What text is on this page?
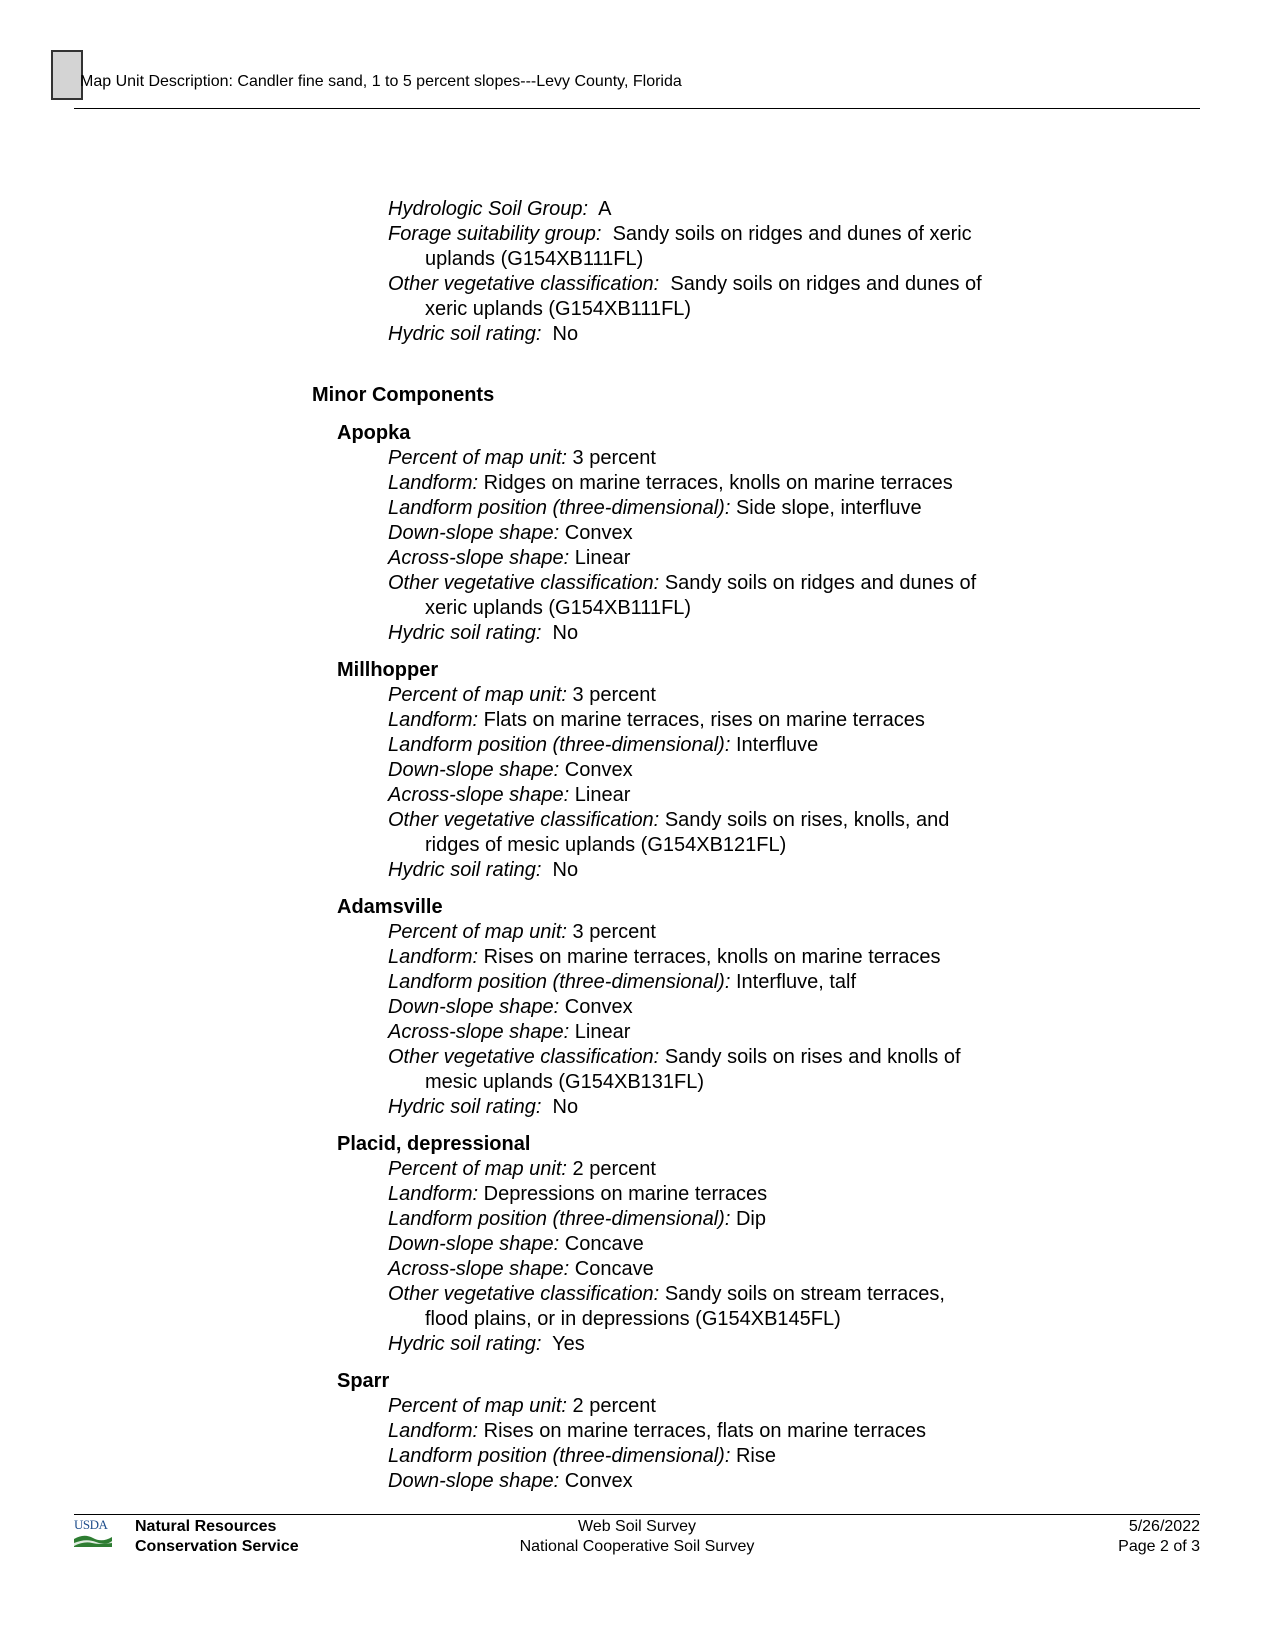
Map Unit Description: Candler fine sand, 1 to 5 percent slopes---Levy County, Florida
Hydrologic Soil Group: A
Forage suitability group: Sandy soils on ridges and dunes of xeric
uplands (G154XB111FL)
Other vegetative classification: Sandy soils on ridges and dunes of
xeric uplands (G154XB111FL)
Hydric soil rating: No
Minor Components
Apopka
Percent of map unit: 3 percent
Landform: Ridges on marine terraces, knolls on marine terraces
Landform position (three-dimensional): Side slope, interfluve
Down-slope shape: Convex
Across-slope shape: Linear
Other vegetative classification: Sandy soils on ridges and dunes of
xeric uplands (G154XB111FL)
Hydric soil rating: No
Millhopper
Percent of map unit: 3 percent
Landform: Flats on marine terraces, rises on marine terraces
Landform position (three-dimensional): Interfluve
Down-slope shape: Convex
Across-slope shape: Linear
Other vegetative classification: Sandy soils on rises, knolls, and
ridges of mesic uplands (G154XB121FL)
Hydric soil rating: No
Adamsville
Percent of map unit: 3 percent
Landform: Rises on marine terraces, knolls on marine terraces
Landform position (three-dimensional): Interfluve, talf
Down-slope shape: Convex
Across-slope shape: Linear
Other vegetative classification: Sandy soils on rises and knolls of
mesic uplands (G154XB131FL)
Hydric soil rating: No
Placid, depressional
Percent of map unit: 2 percent
Landform: Depressions on marine terraces
Landform position (three-dimensional): Dip
Down-slope shape: Concave
Across-slope shape: Concave
Other vegetative classification: Sandy soils on stream terraces,
flood plains, or in depressions (G154XB145FL)
Hydric soil rating: Yes
Sparr
Percent of map unit: 2 percent
Landform: Rises on marine terraces, flats on marine terraces
Landform position (three-dimensional): Rise
Down-slope shape: Convex
USDA	Natural Resources
Conservation Service
Web Soil Survey
National Cooperative Soil Survey
5/26/2022
Page 2 of 3
